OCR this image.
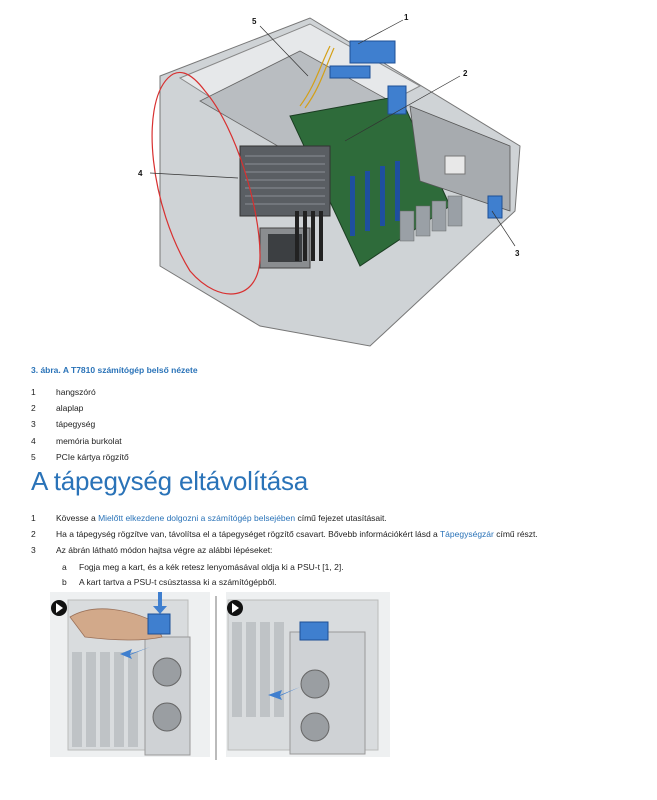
1
2
3
4
5
3. ábra. A T7810 számítógép belső nézete
1	hangszóró
2	alaplap
3	tápegység
4	memória burkolat
5	PCIe kártya rögzítő
A tápegység eltávolítása
1	Kövesse a Mielőtt elkezdene dolgozni a számítógép belsejében című fejezet utasításait.
2	Ha a tápegység rögzítve van, távolítsa el a tápegységet rögzítő csavart. Bővebb információkért lásd a Tápegységzár című részt.
3	Az ábrán látható módon hajtsa végre az alábbi lépéseket:
a	Fogja meg a kart, és a kék retesz lenyomásával oldja ki a PSU-t [1, 2].
b	A kart tartva a PSU-t csúsztassa ki a számítógépből.
